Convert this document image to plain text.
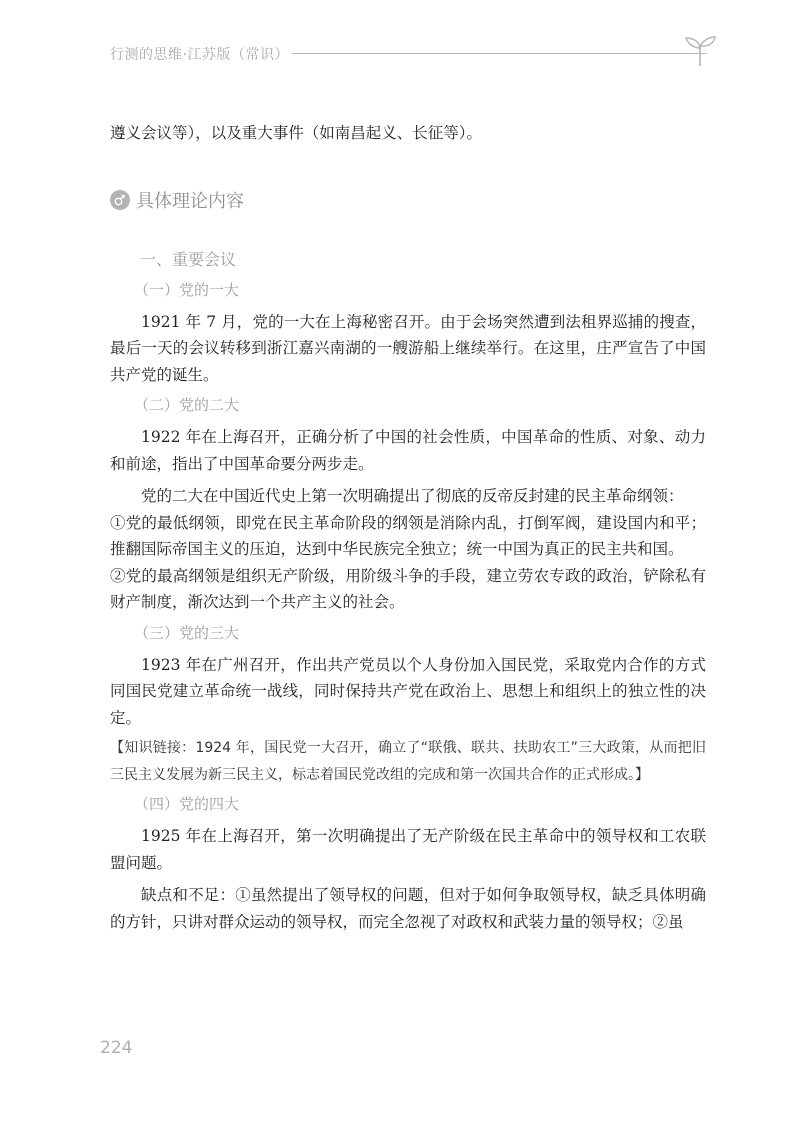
行测的思维·江苏版（常识）

遵义会议等），以及重大事件（如南昌起义、长征等）。

具体理论内容
一、重要会议
（一）党的一大

1921 年 7 月，党的一大在上海秘密召开。由于会场突然遭到法租界巡捕的搜查，最后一天的会议转移到浙江嘉兴南湖的一艘游船上继续举行。在这里，庄严宣告了中国共产党的诞生。

（二）党的二大

1922 年在上海召开，正确分析了中国的社会性质，中国革命的性质、对象、动力和前途，指出了中国革命要分两步走。

党的二大在中国近代史上第一次明确提出了彻底的反帝反封建的民主革命纲领：

①党的最低纲领，即党在民主革命阶段的纲领是消除内乱，打倒军阀，建设国内和平；推翻国际帝国主义的压迫，达到中华民族完全独立；统一中国为真正的民主共和国。

②党的最高纲领是组织无产阶级，用阶级斗争的手段，建立劳农专政的政治，铲除私有财产制度，渐次达到一个共产主义的社会。

（三）党的三大

1923 年在广州召开，作出共产党员以个人身份加入国民党，采取党内合作的方式同国民党建立革命统一战线，同时保持共产党在政治上、思想上和组织上的独立性的决定。

【知识链接：1924 年，国民党一大召开，确立了“联俄、联共、扶助农工”三大政策，从而把旧三民主义发展为新三民主义，标志着国民党改组的完成和第一次国共合作的正式形成。】

（四）党的四大

1925 年在上海召开，第一次明确提出了无产阶级在民主革命中的领导权和工农联盟问题。

缺点和不足：①虽然提出了领导权的问题，但对于如何争取领导权，缺乏具体明确的方针，只讲对群众运动的领导权，而完全忽视了对政权和武装力量的领导权；②虽

224
